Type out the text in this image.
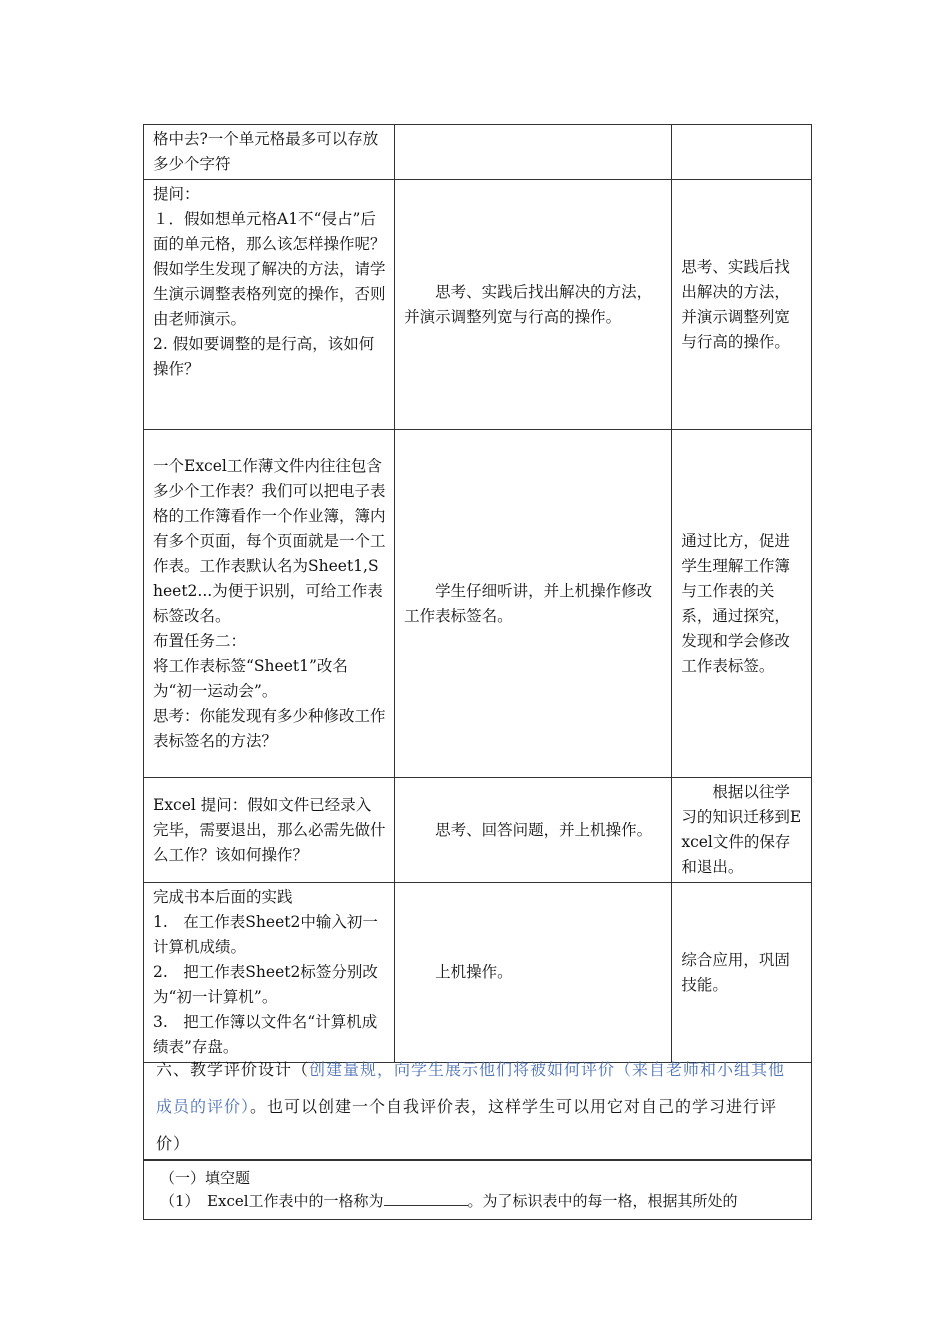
格中去?一个单元格最多可以存放多少个字符		

提问：
１．假如想单元格A1不“侵占”后面的单元格，那么该怎样操作呢？
假如学生发现了解决的方法，请学生演示调整表格列宽的操作，否则由老师演示。
2. 假如要调整的是行高，该如何操作？	思考、实践后找出解决的方法，并演示调整列宽与行高的操作。	思考、实践后找出解决的方法，并演示调整列宽与行高的操作。

一个Excel工作薄文件内往往包含多少个工作表？我们可以把电子表格的工作簿看作一个作业簿，簿内有多个页面，每个页面就是一个工作表。工作表默认名为Sheet1,Sheet2...为便于识别，可给工作表标签改名。
布置任务二：
将工作表标签“Sheet1”改名为“初一运动会”。
思考：你能发现有多少种修改工作表标签名的方法？	学生仔细听讲，并上机操作修改工作表标签名。	通过比方，促进学生理解工作簿与工作表的关系，通过探究，发现和学会修改工作表标签。

Excel 提问：假如文件已经录入完毕，需要退出，那么必需先做什么工作？该如何操作？	思考、回答问题，并上机操作。	根据以往学习的知识迁移到Excel文件的保存和退出。

完成书本后面的实践
1.　在工作表Sheet2中输入初一计算机成绩。
2.　把工作表Sheet2标签分别改为“初一计算机”。
3.　把工作簿以文件名“计算机成绩表”存盘。	上机操作。	综合应用，巩固技能。
六、教学评价设计（创建量规，向学生展示他们将被如何评价（来自老师和小组其他成员的评价）。也可以创建一个自我评价表，这样学生可以用它对自己的学习进行评价）
（一）填空题
（1）　Excel工作表中的一格称为	。为了标识表中的每一格，根据其所处的
